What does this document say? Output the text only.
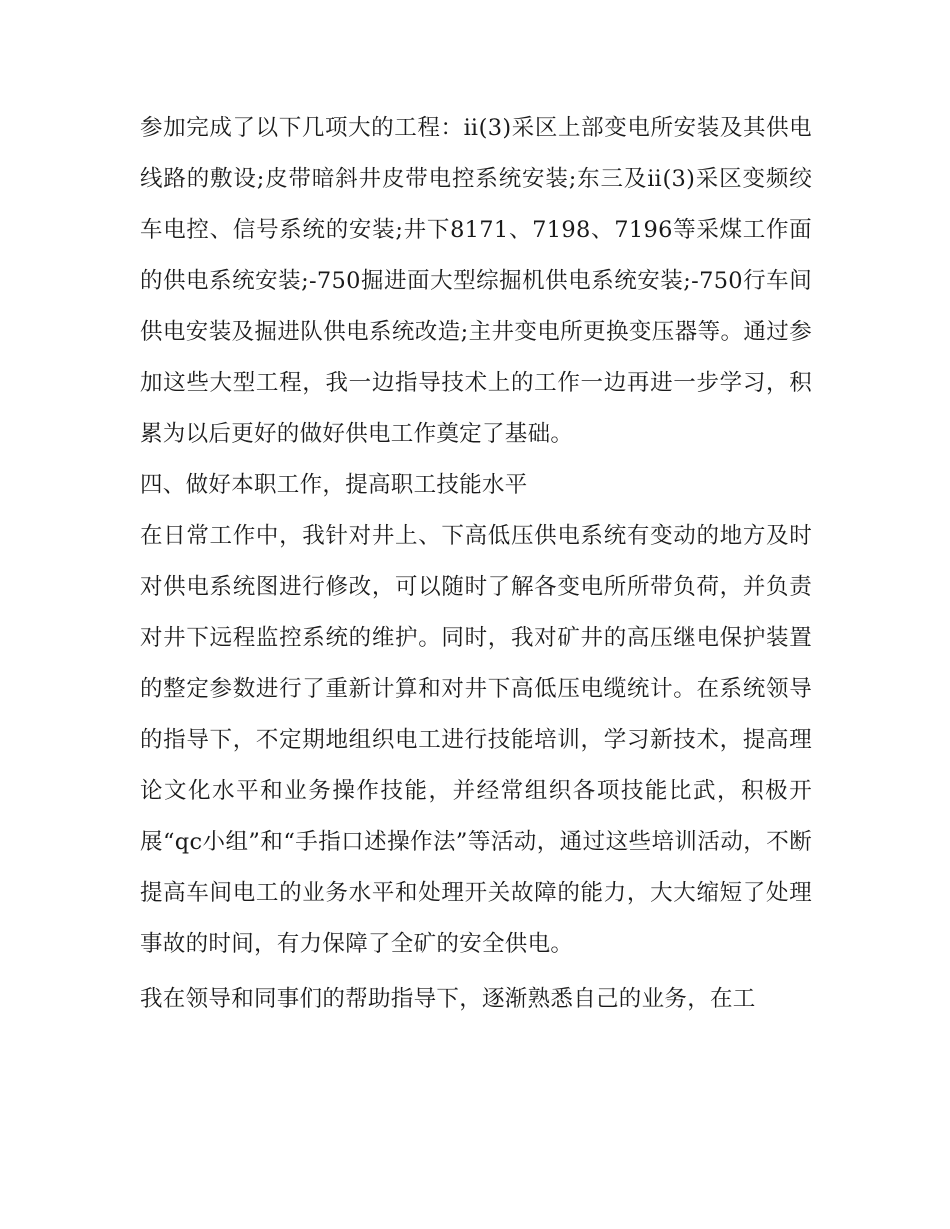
参加完成了以下几项大的工程：ⅱ(3)采区上部变电所安装及其供电线路的敷设;皮带暗斜井皮带电控系统安装;东三及ⅱ(3)采区变频绞车电控、信号系统的安装;井下8171、7198、7196等采煤工作面的供电系统安装;-750掘进面大型综掘机供电系统安装;-750行车间供电安装及掘进队供电系统改造;主井变电所更换变压器等。通过参加这些大型工程，我一边指导技术上的工作一边再进一步学习，积累为以后更好的做好供电工作奠定了基础。

四、做好本职工作，提高职工技能水平

在日常工作中，我针对井上、下高低压供电系统有变动的地方及时对供电系统图进行修改，可以随时了解各变电所所带负荷，并负责对井下远程监控系统的维护。同时，我对矿井的高压继电保护装置的整定参数进行了重新计算和对井下高低压电缆统计。在系统领导的指导下，不定期地组织电工进行技能培训，学习新技术，提高理论文化水平和业务操作技能，并经常组织各项技能比武，积极开展“qc小组”和“手指口述操作法”等活动，通过这些培训活动，不断提高车间电工的业务水平和处理开关故障的能力，大大缩短了处理事故的时间，有力保障了全矿的安全供电。

我在领导和同事们的帮助指导下，逐渐熟悉自己的业务，在工
